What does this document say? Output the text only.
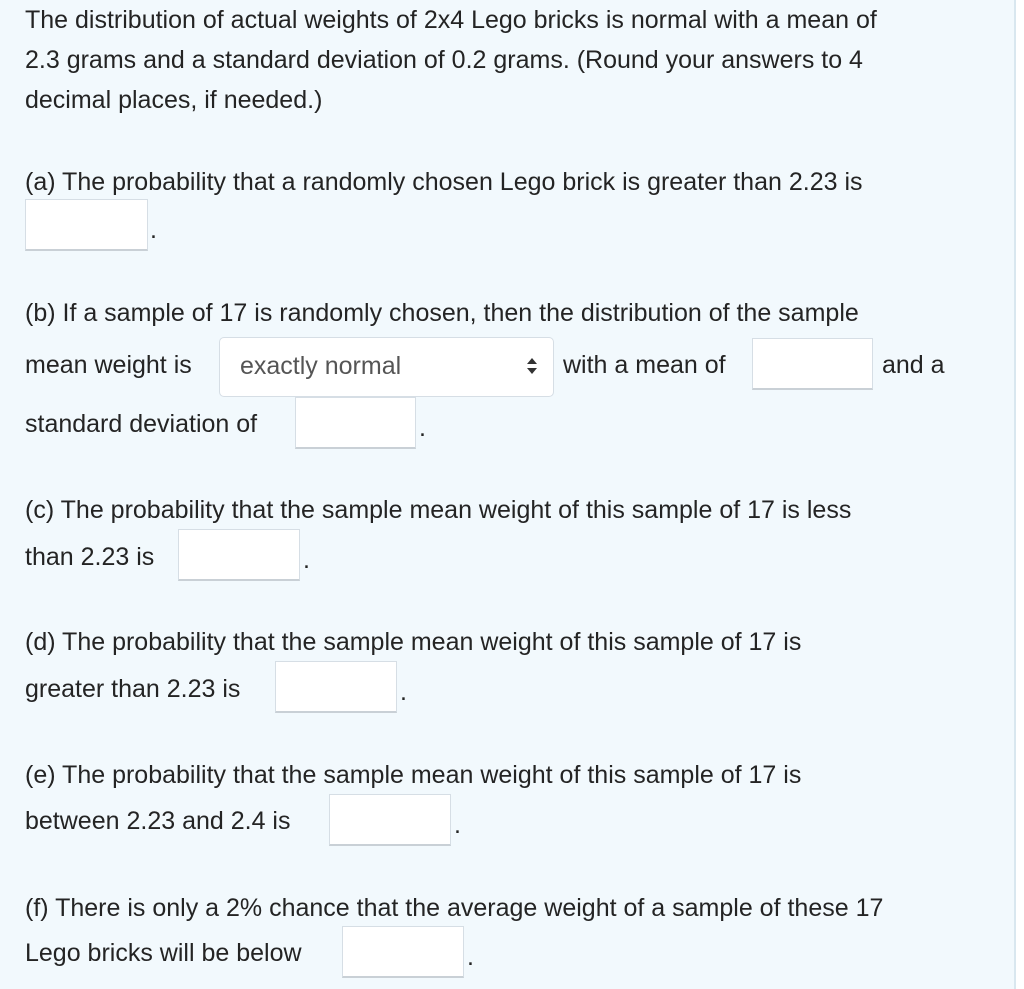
The distribution of actual weights of 2x4 Lego bricks is normal with a mean of
2.3 grams and a standard deviation of 0.2 grams. (Round your answers to 4
decimal places, if needed.)
(a) The probability that a randomly chosen Lego brick is greater than 2.23 is
.
(b) If a sample of 17 is randomly chosen, then the distribution of the sample
mean weight is exactly normal	with a mean of	and a
standard deviation of	.
(c) The probability that the sample mean weight of this sample of 17 is less
than 2.23 is	.
(d) The probability that the sample mean weight of this sample of 17 is
greater than 2.23 is	.
(e) The probability that the sample mean weight of this sample of 17 is
between 2.23 and 2.4 is	.
(f) There is only a 2% chance that the average weight of a sample of these 17
Lego bricks will be below	.
